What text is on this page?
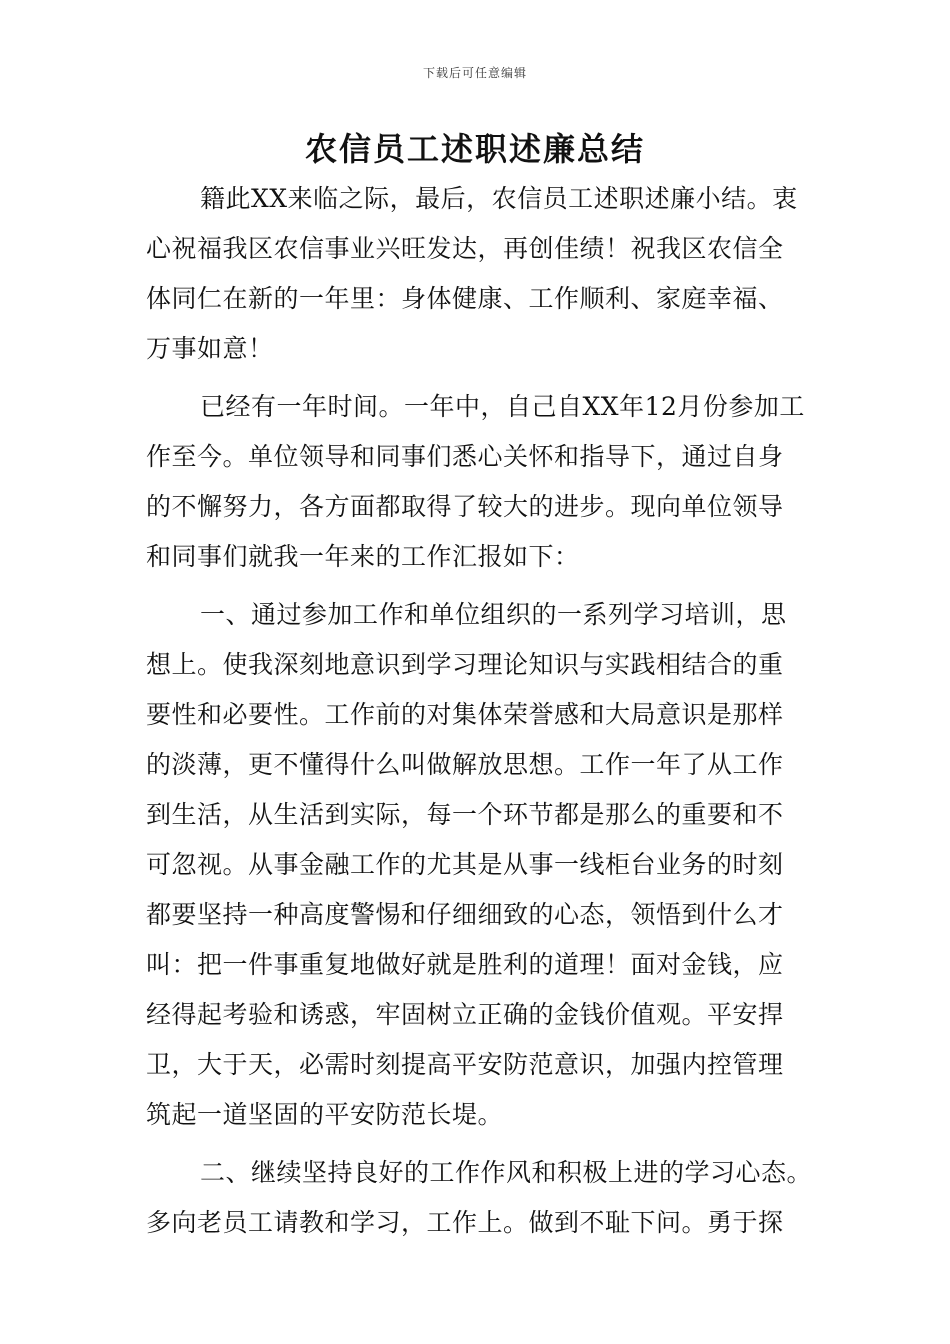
下载后可任意编辑
农信员工述职述廉总结
籍此XX来临之际，最后，农信员工述职述廉小结。衷
心祝福我区农信事业兴旺发达，再创佳绩！祝我区农信全
体同仁在新的一年里：身体健康、工作顺利、家庭幸福、
万事如意！
已经有一年时间。一年中，自己自XX年12月份参加工
作至今。单位领导和同事们悉心关怀和指导下，通过自身
的不懈努力，各方面都取得了较大的进步。现向单位领导
和同事们就我一年来的工作汇报如下：
一、通过参加工作和单位组织的一系列学习培训，思
想上。使我深刻地意识到学习理论知识与实践相结合的重
要性和必要性。工作前的对集体荣誉感和大局意识是那样
的淡薄，更不懂得什么叫做解放思想。工作一年了从工作
到生活，从生活到实际，每一个环节都是那么的重要和不
可忽视。从事金融工作的尤其是从事一线柜台业务的时刻
都要坚持一种高度警惕和仔细细致的心态，领悟到什么才
叫：把一件事重复地做好就是胜利的道理！面对金钱，应
经得起考验和诱惑，牢固树立正确的金钱价值观。平安捍
卫，大于天，必需时刻提高平安防范意识，加强内控管理
筑起一道坚固的平安防范长堤。
二、继续坚持良好的工作作风和积极上进的学习心态。
多向老员工请教和学习，工作上。做到不耻下问。勇于探
